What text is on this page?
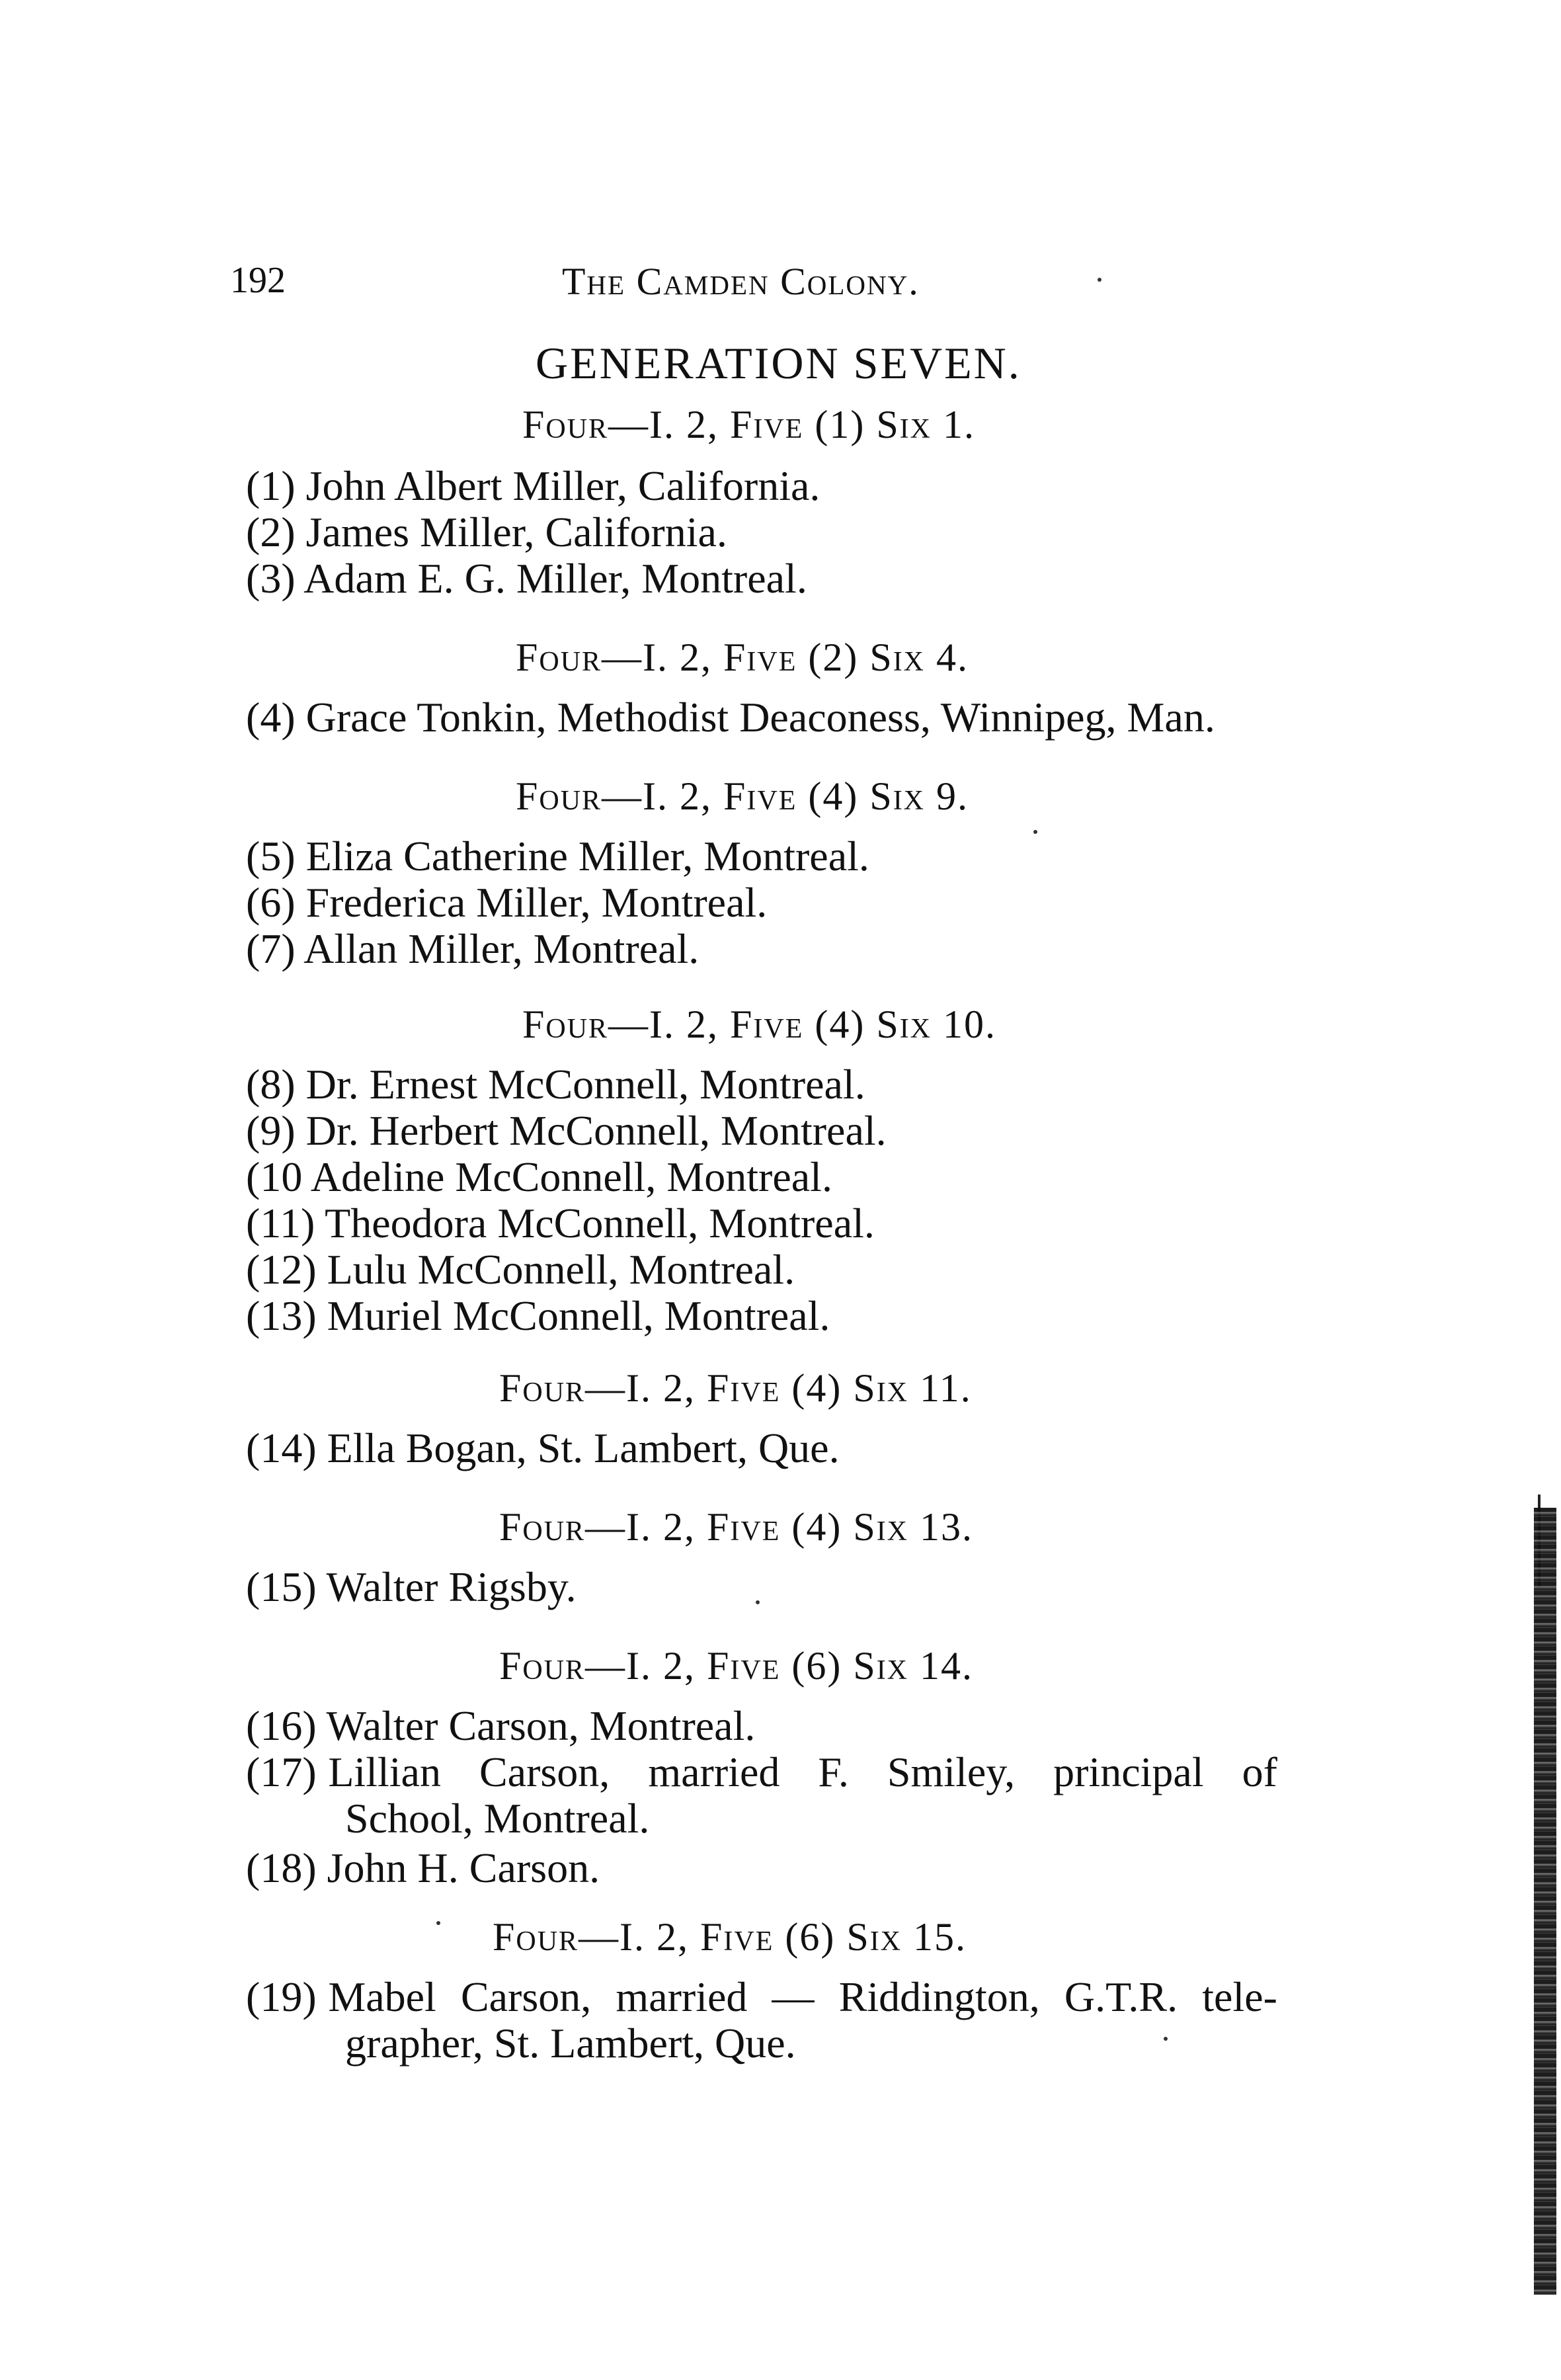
192	The Camden Colony.
GENERATION SEVEN.
Four—I. 2, Five (1) Six 1.
(1) John Albert Miller, California.
(2) James Miller, California.
(3) Adam E. G. Miller, Montreal.
Four—I. 2, Five (2) Six 4.
(4) Grace Tonkin, Methodist Deaconess, Winnipeg, Man.
Four—I. 2, Five (4) Six 9.
(5) Eliza Catherine Miller, Montreal.
(6) Frederica Miller, Montreal.
(7) Allan Miller, Montreal.
Four—I. 2, Five (4) Six 10.
(8) Dr. Ernest McConnell, Montreal.
(9) Dr. Herbert McConnell, Montreal.
(10 Adeline McConnell, Montreal.
(11) Theodora McConnell, Montreal.
(12) Lulu McConnell, Montreal.
(13) Muriel McConnell, Montreal.
Four—I. 2, Five (4) Six 11.
(14) Ella Bogan, St. Lambert, Que.
Four—I. 2, Five (4) Six 13.
(15) Walter Rigsby.
Four—I. 2, Five (6) Six 14.
(16) Walter Carson, Montreal.
(17) Lillian Carson, married F. Smiley, principal of
School, Montreal.
(18) John H. Carson.
Four—I. 2, Five (6) Six 15.
(19) Mabel Carson, married — Riddington, G.T.R. tele-
grapher, St. Lambert, Que.
